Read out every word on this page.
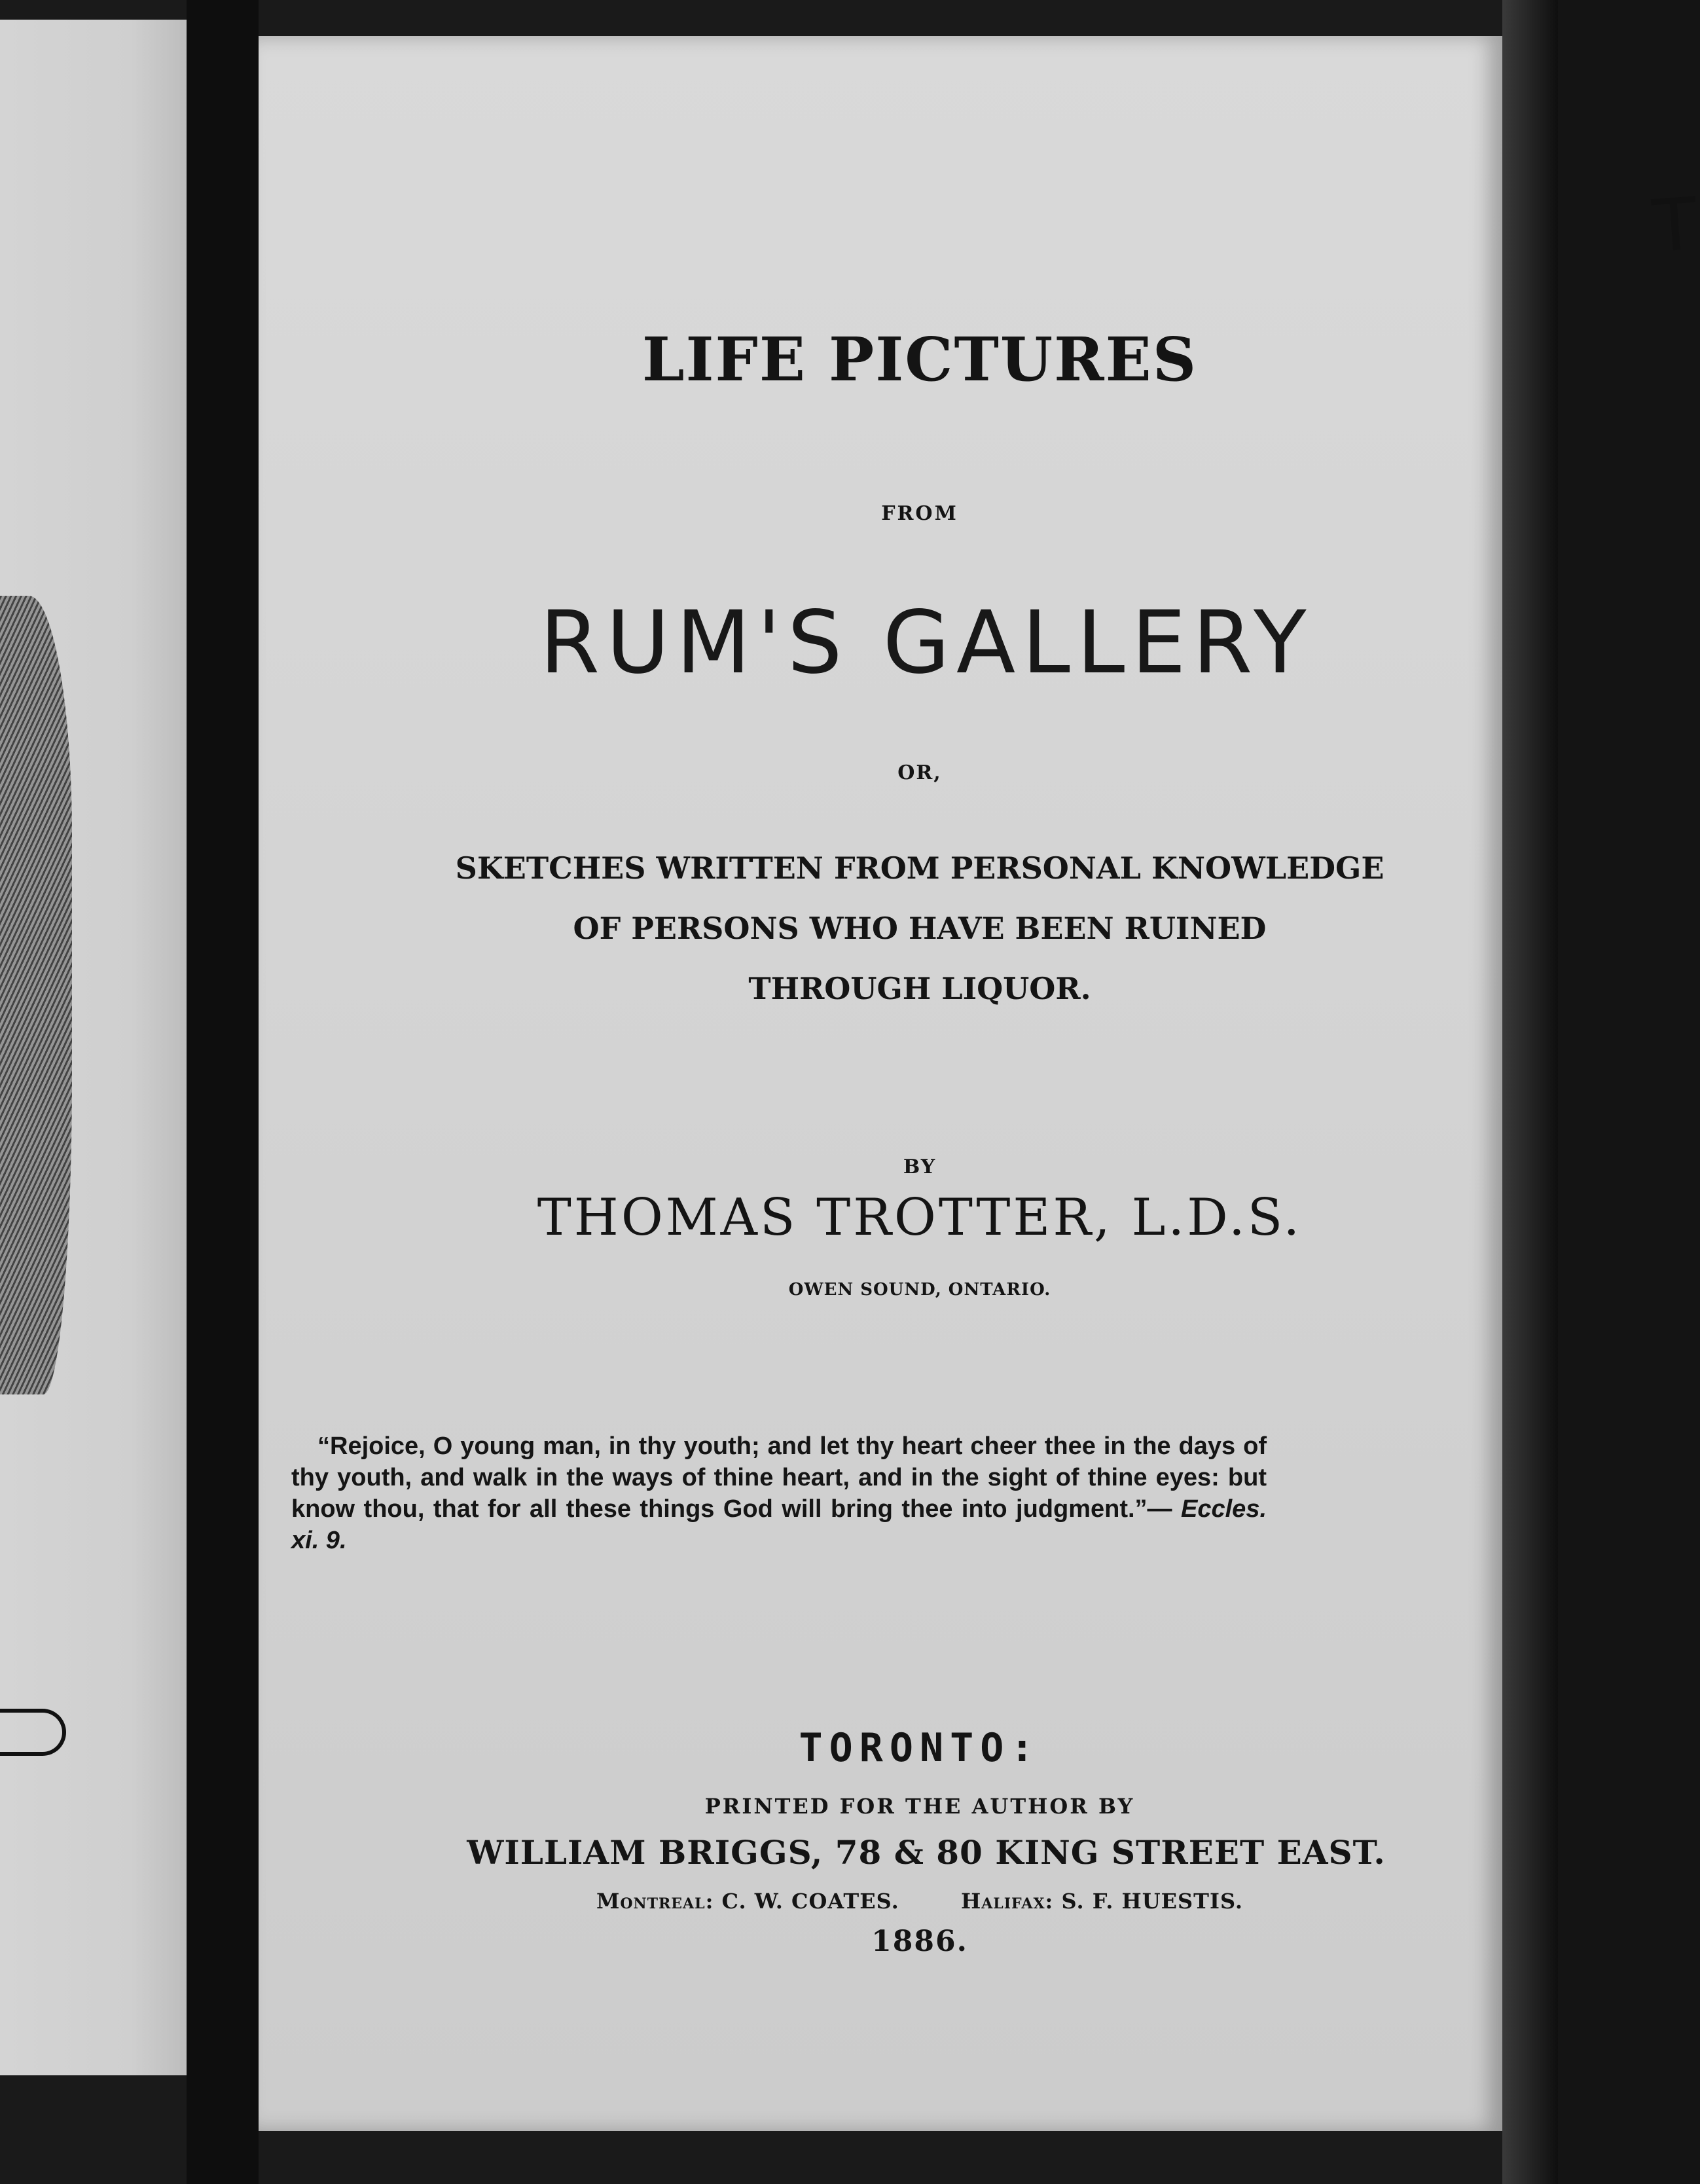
T
LIFE PICTURES
FROM
RUM'S GALLERY
OR,
SKETCHES WRITTEN FROM PERSONAL KNOWLEDGE
OF PERSONS WHO HAVE BEEN RUINED
THROUGH LIQUOR.
BY
THOMAS TROTTER, L.D.S.
OWEN SOUND, ONTARIO.
“Rejoice, O young man, in thy youth; and let thy heart cheer thee in the days of thy youth, and walk in the ways of thine heart, and in the sight of thine eyes: but know thou, that for all these things God will bring thee into judgment.”— Eccles. xi. 9.
TORONTO:
PRINTED FOR THE AUTHOR BY
WILLIAM BRIGGS, 78 & 80 KING STREET EAST.
Montreal: C. W. COATES.	Halifax: S. F. HUESTIS.
1886.
